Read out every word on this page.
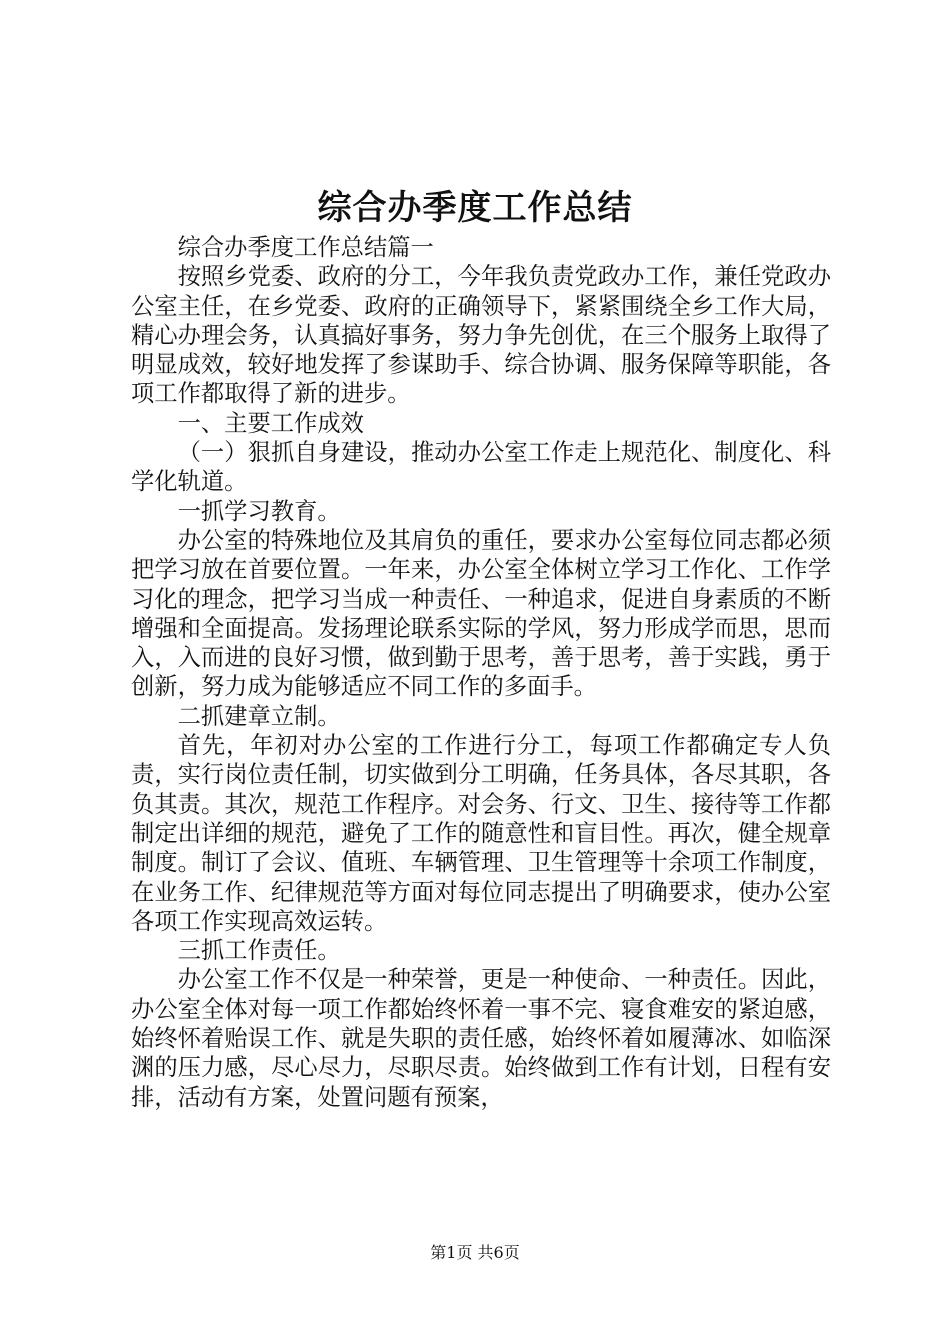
综合办季度工作总结

综合办季度工作总结篇一

按照乡党委、政府的分工，今年我负责党政办工作，兼任党政办公室主任，在乡党委、政府的正确领导下，紧紧围绕全乡工作大局，精心办理会务，认真搞好事务，努力争先创优，在三个服务上取得了明显成效，较好地发挥了参谋助手、综合协调、服务保障等职能，各项工作都取得了新的进步。

一、主要工作成效

（一）狠抓自身建设，推动办公室工作走上规范化、制度化、科学化轨道。

一抓学习教育。

办公室的特殊地位及其肩负的重任，要求办公室每位同志都必须把学习放在首要位置。一年来，办公室全体树立学习工作化、工作学习化的理念，把学习当成一种责任、一种追求，促进自身素质的不断增强和全面提高。发扬理论联系实际的学风，努力形成学而思，思而入，入而进的良好习惯，做到勤于思考，善于思考，善于实践，勇于创新，努力成为能够适应不同工作的多面手。

二抓建章立制。

首先，年初对办公室的工作进行分工，每项工作都确定专人负责，实行岗位责任制，切实做到分工明确，任务具体，各尽其职，各负其责。其次，规范工作程序。对会务、行文、卫生、接待等工作都制定出详细的规范，避免了工作的随意性和盲目性。再次，健全规章制度。制订了会议、值班、车辆管理、卫生管理等十余项工作制度，在业务工作、纪律规范等方面对每位同志提出了明确要求，使办公室各项工作实现高效运转。

三抓工作责任。

办公室工作不仅是一种荣誉，更是一种使命、一种责任。因此，办公室全体对每一项工作都始终怀着一事不完、寝食难安的紧迫感，始终怀着贻误工作、就是失职的责任感，始终怀着如履薄冰、如临深渊的压力感，尽心尽力，尽职尽责。始终做到工作有计划，日程有安排，活动有方案，处置问题有预案，

第1页 共6页
